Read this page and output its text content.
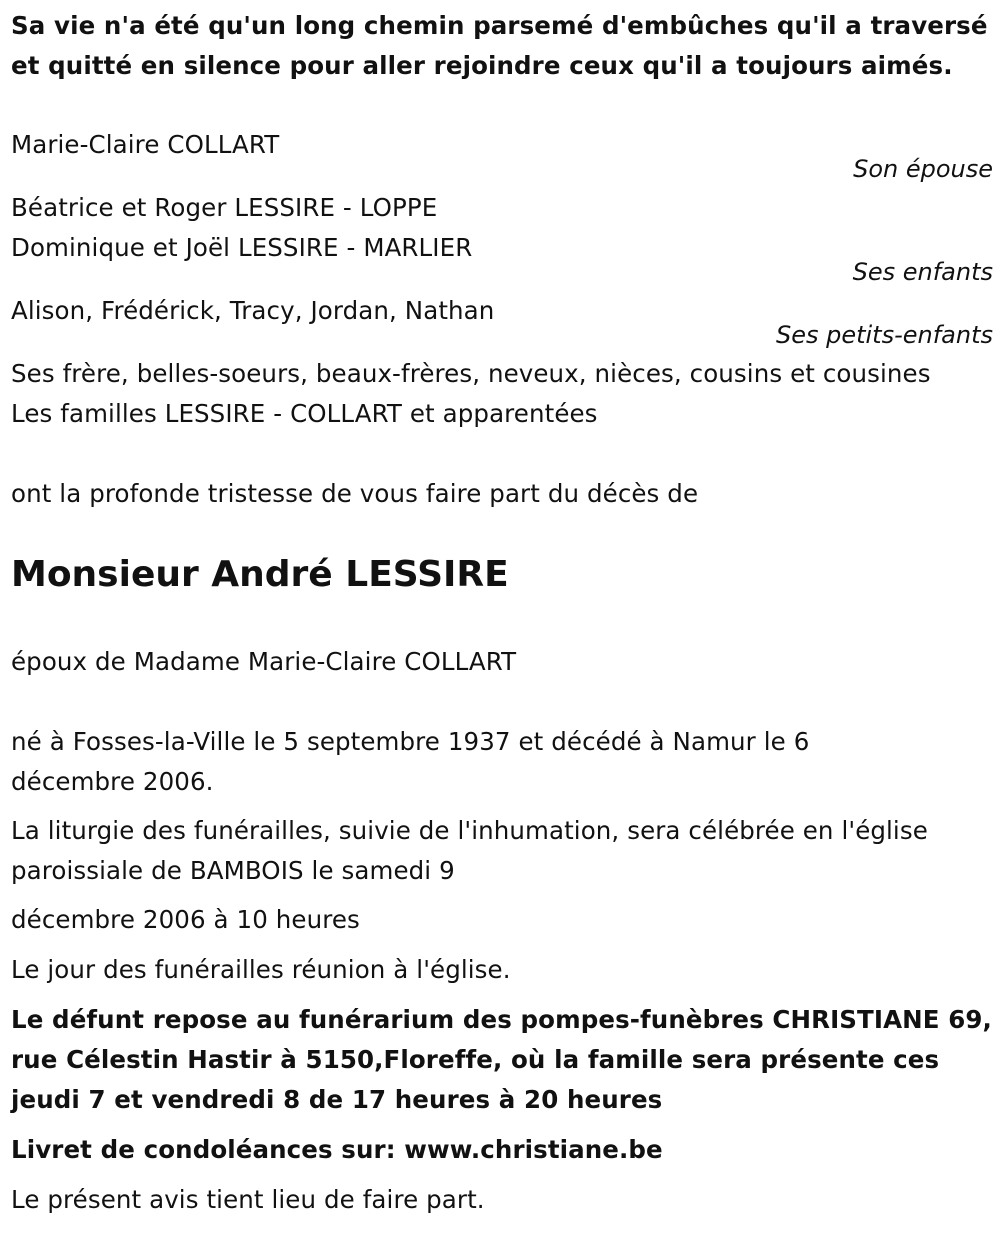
Sa vie n'a été qu'un long chemin parsemé d'embûches qu'il a traversé
et quitté en silence pour aller rejoindre ceux qu'il a toujours aimés.
Marie-Claire COLLART
Son épouse
Béatrice et Roger LESSIRE - LOPPE
Dominique et Joël LESSIRE - MARLIER
Ses enfants
Alison, Frédérick, Tracy, Jordan, Nathan
Ses petits-enfants
Ses frère, belles-soeurs, beaux-frères, neveux, nièces, cousins et cousines
Les familles LESSIRE - COLLART et apparentées
ont la profonde tristesse de vous faire part du décès de
Monsieur André LESSIRE
époux de Madame Marie-Claire COLLART
né à Fosses-la-Ville le 5 septembre 1937 et décédé à Namur le 6
décembre 2006.
La liturgie des funérailles, suivie de l'inhumation, sera célébrée en l'église
paroissiale de BAMBOIS le samedi 9
décembre 2006 à 10 heures
Le jour des funérailles réunion à l'église.
Le défunt repose au funérarium des pompes-funèbres CHRISTIANE 69,
rue Célestin Hastir à 5150,Floreffe, où la famille sera présente ces
jeudi 7 et vendredi 8 de 17 heures à 20 heures
Livret de condoléances sur: www.christiane.be
Le présent avis tient lieu de faire part.
